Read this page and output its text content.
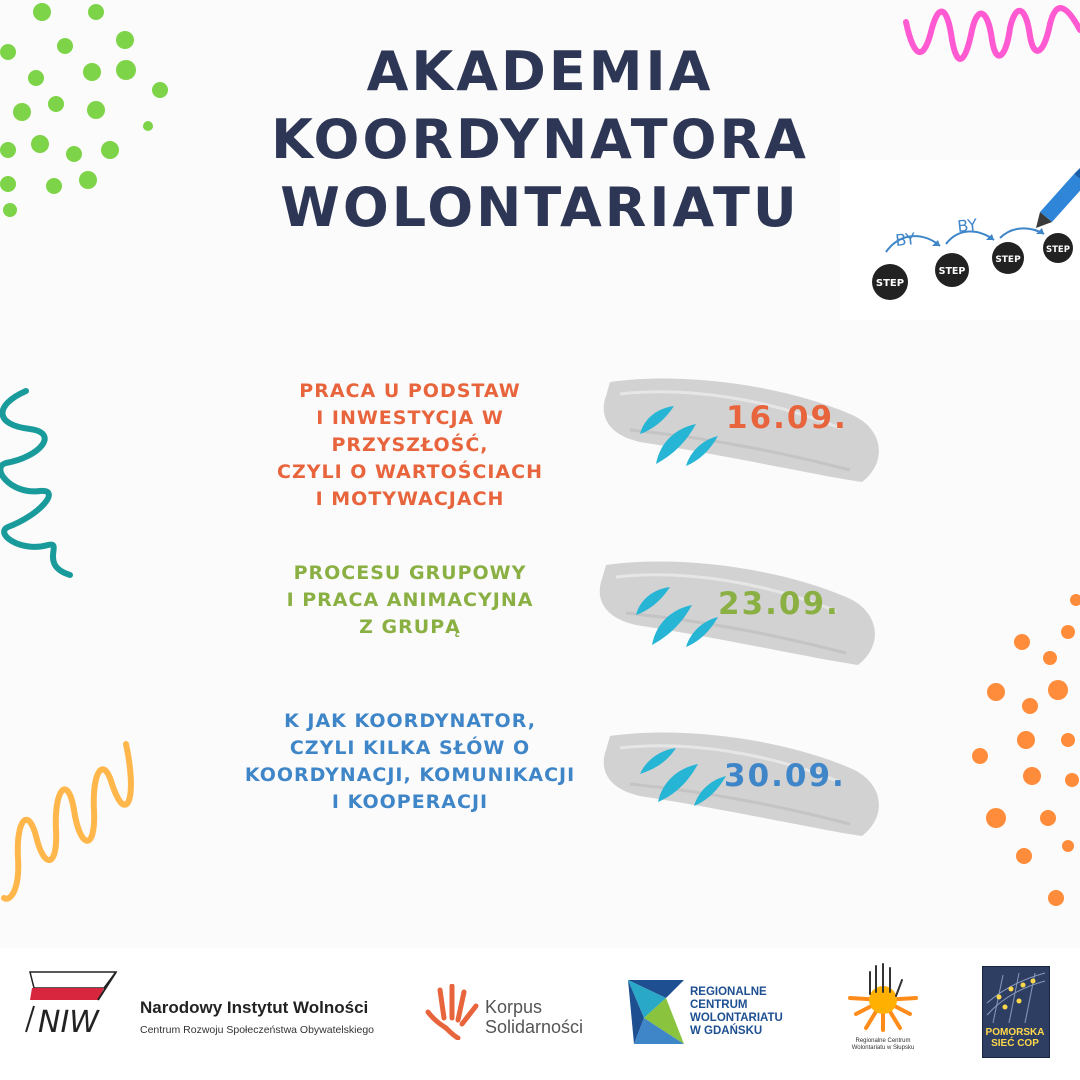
AKADEMIA
KOORDYNATORA
WOLONTARIATU
BY
BY
STEP
STEP
STEP
STEP
PRACA U PODSTAW
I INWESTYCJA W PRZYSZŁOŚĆ,
CZYLI O WARTOŚCIACH
I MOTYWACJACH
16.09.
PROCESU GRUPOWY
I PRACA ANIMACYJNA
Z GRUPĄ
23.09.
K JAK KOORDYNATOR,
CZYLI KILKA SŁÓW O
KOORDYNACJI, KOMUNIKACJI
I KOOPERACJI
30.09.
NIW Narodowy Instytut Wolności
Centrum Rozwoju Społeczeństwa Obywatelskiego
Korpus
Solidarności
REGIONALNE
CENTRUM
WOLONTARIATU
W GDAŃSKU
Regionalne Centrum
Wolontariatu w Słupsku
POMORSKA
SIEĆ COP
